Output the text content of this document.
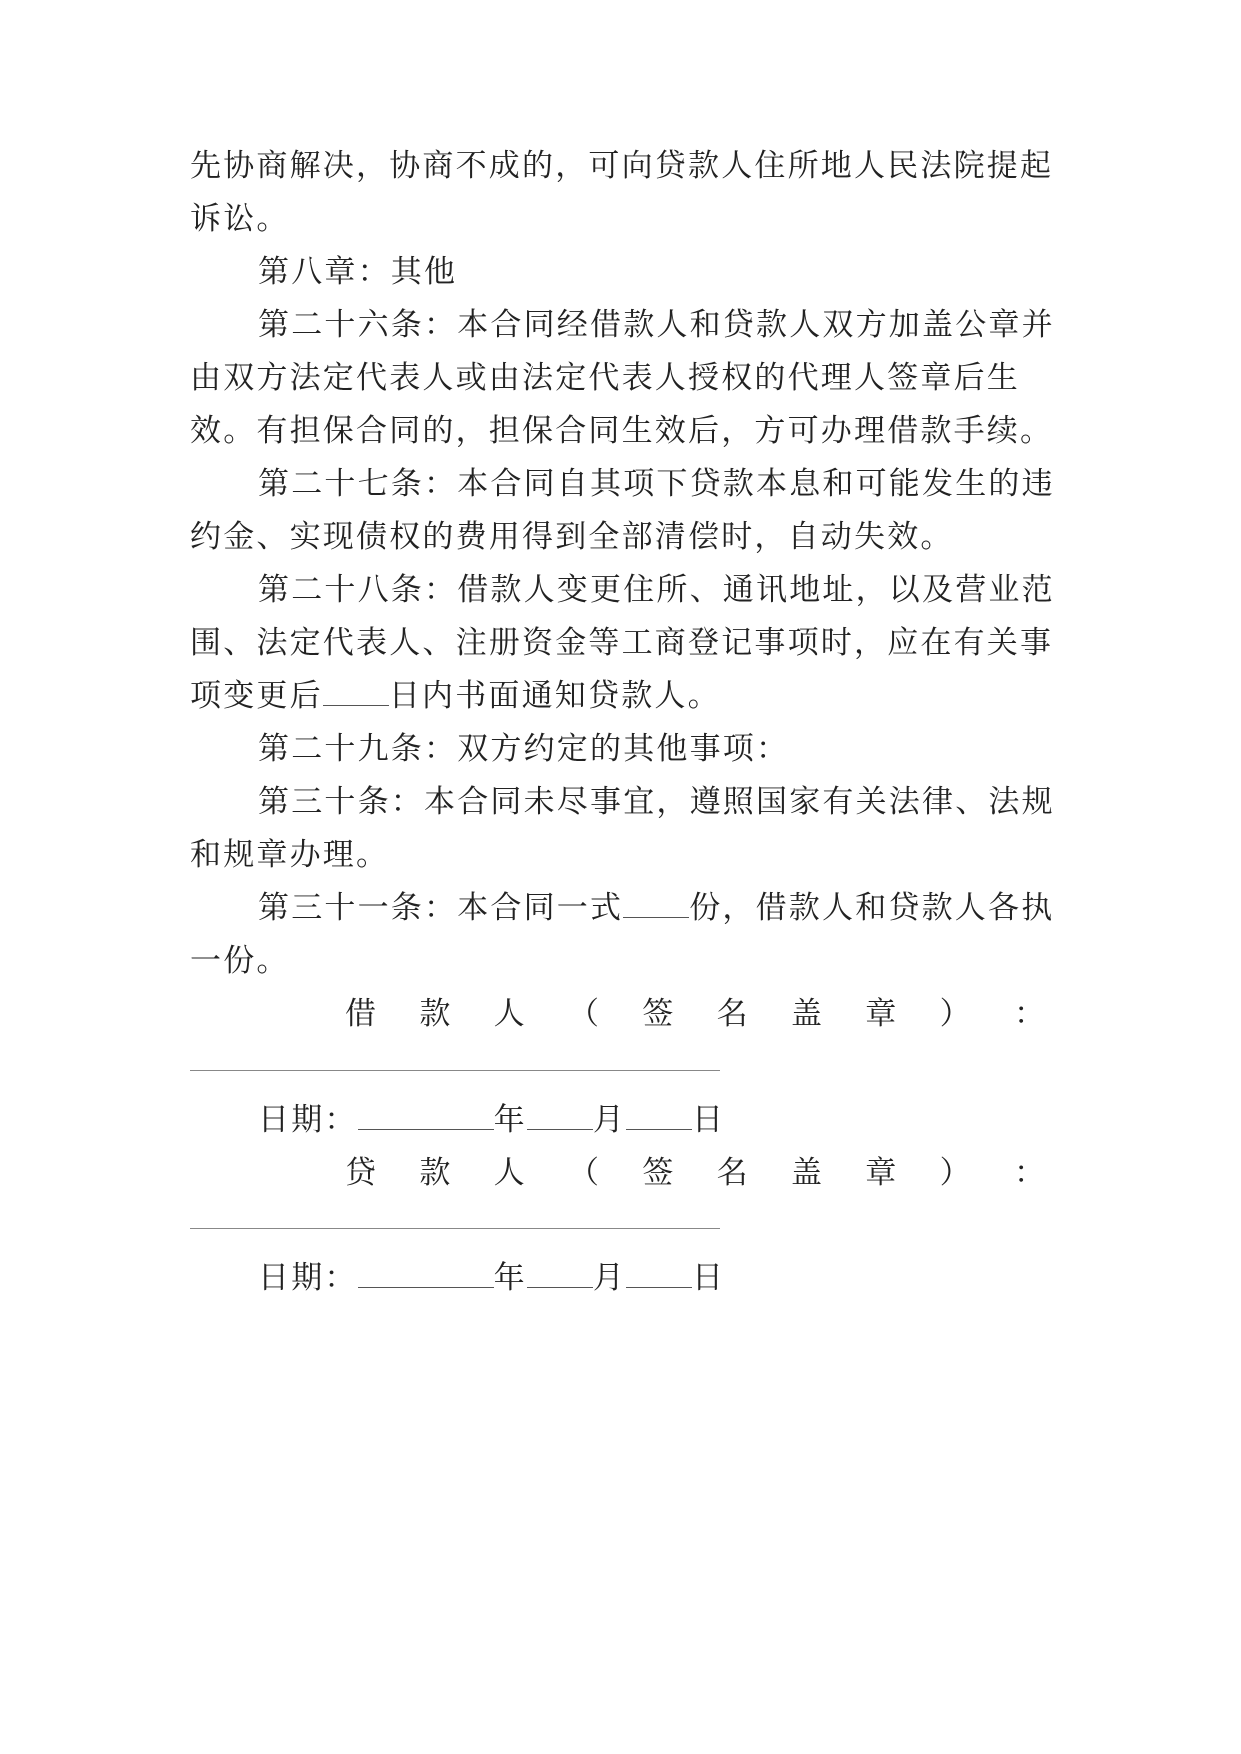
先协商解决，协商不成的，可向贷款人住所地人民法院提起
诉讼。
第八章：其他
第二十六条：本合同经借款人和贷款人双方加盖公章并
由双方法定代表人或由法定代表人授权的代理人签章后生
效。有担保合同的，担保合同生效后，方可办理借款手续。
第二十七条：本合同自其项下贷款本息和可能发生的违
约金、实现债权的费用得到全部清偿时，自动失效。
第二十八条：借款人变更住所、通讯地址，以及营业范
围、法定代表人、注册资金等工商登记事项时，应在有关事
项变更后 日内书面通知贷款人。
第二十九条：双方约定的其他事项：
第三十条：本合同未尽事宜，遵照国家有关法律、法规
和规章办理。
第三十一条：本合同一式 份，借款人和贷款人各执
一份。
借 款 人 （ 签 名 盖 章 ） ：
日期：	年 月 日
贷 款 人 （ 签 名 盖 章 ） ：
日期：	年 月 日
